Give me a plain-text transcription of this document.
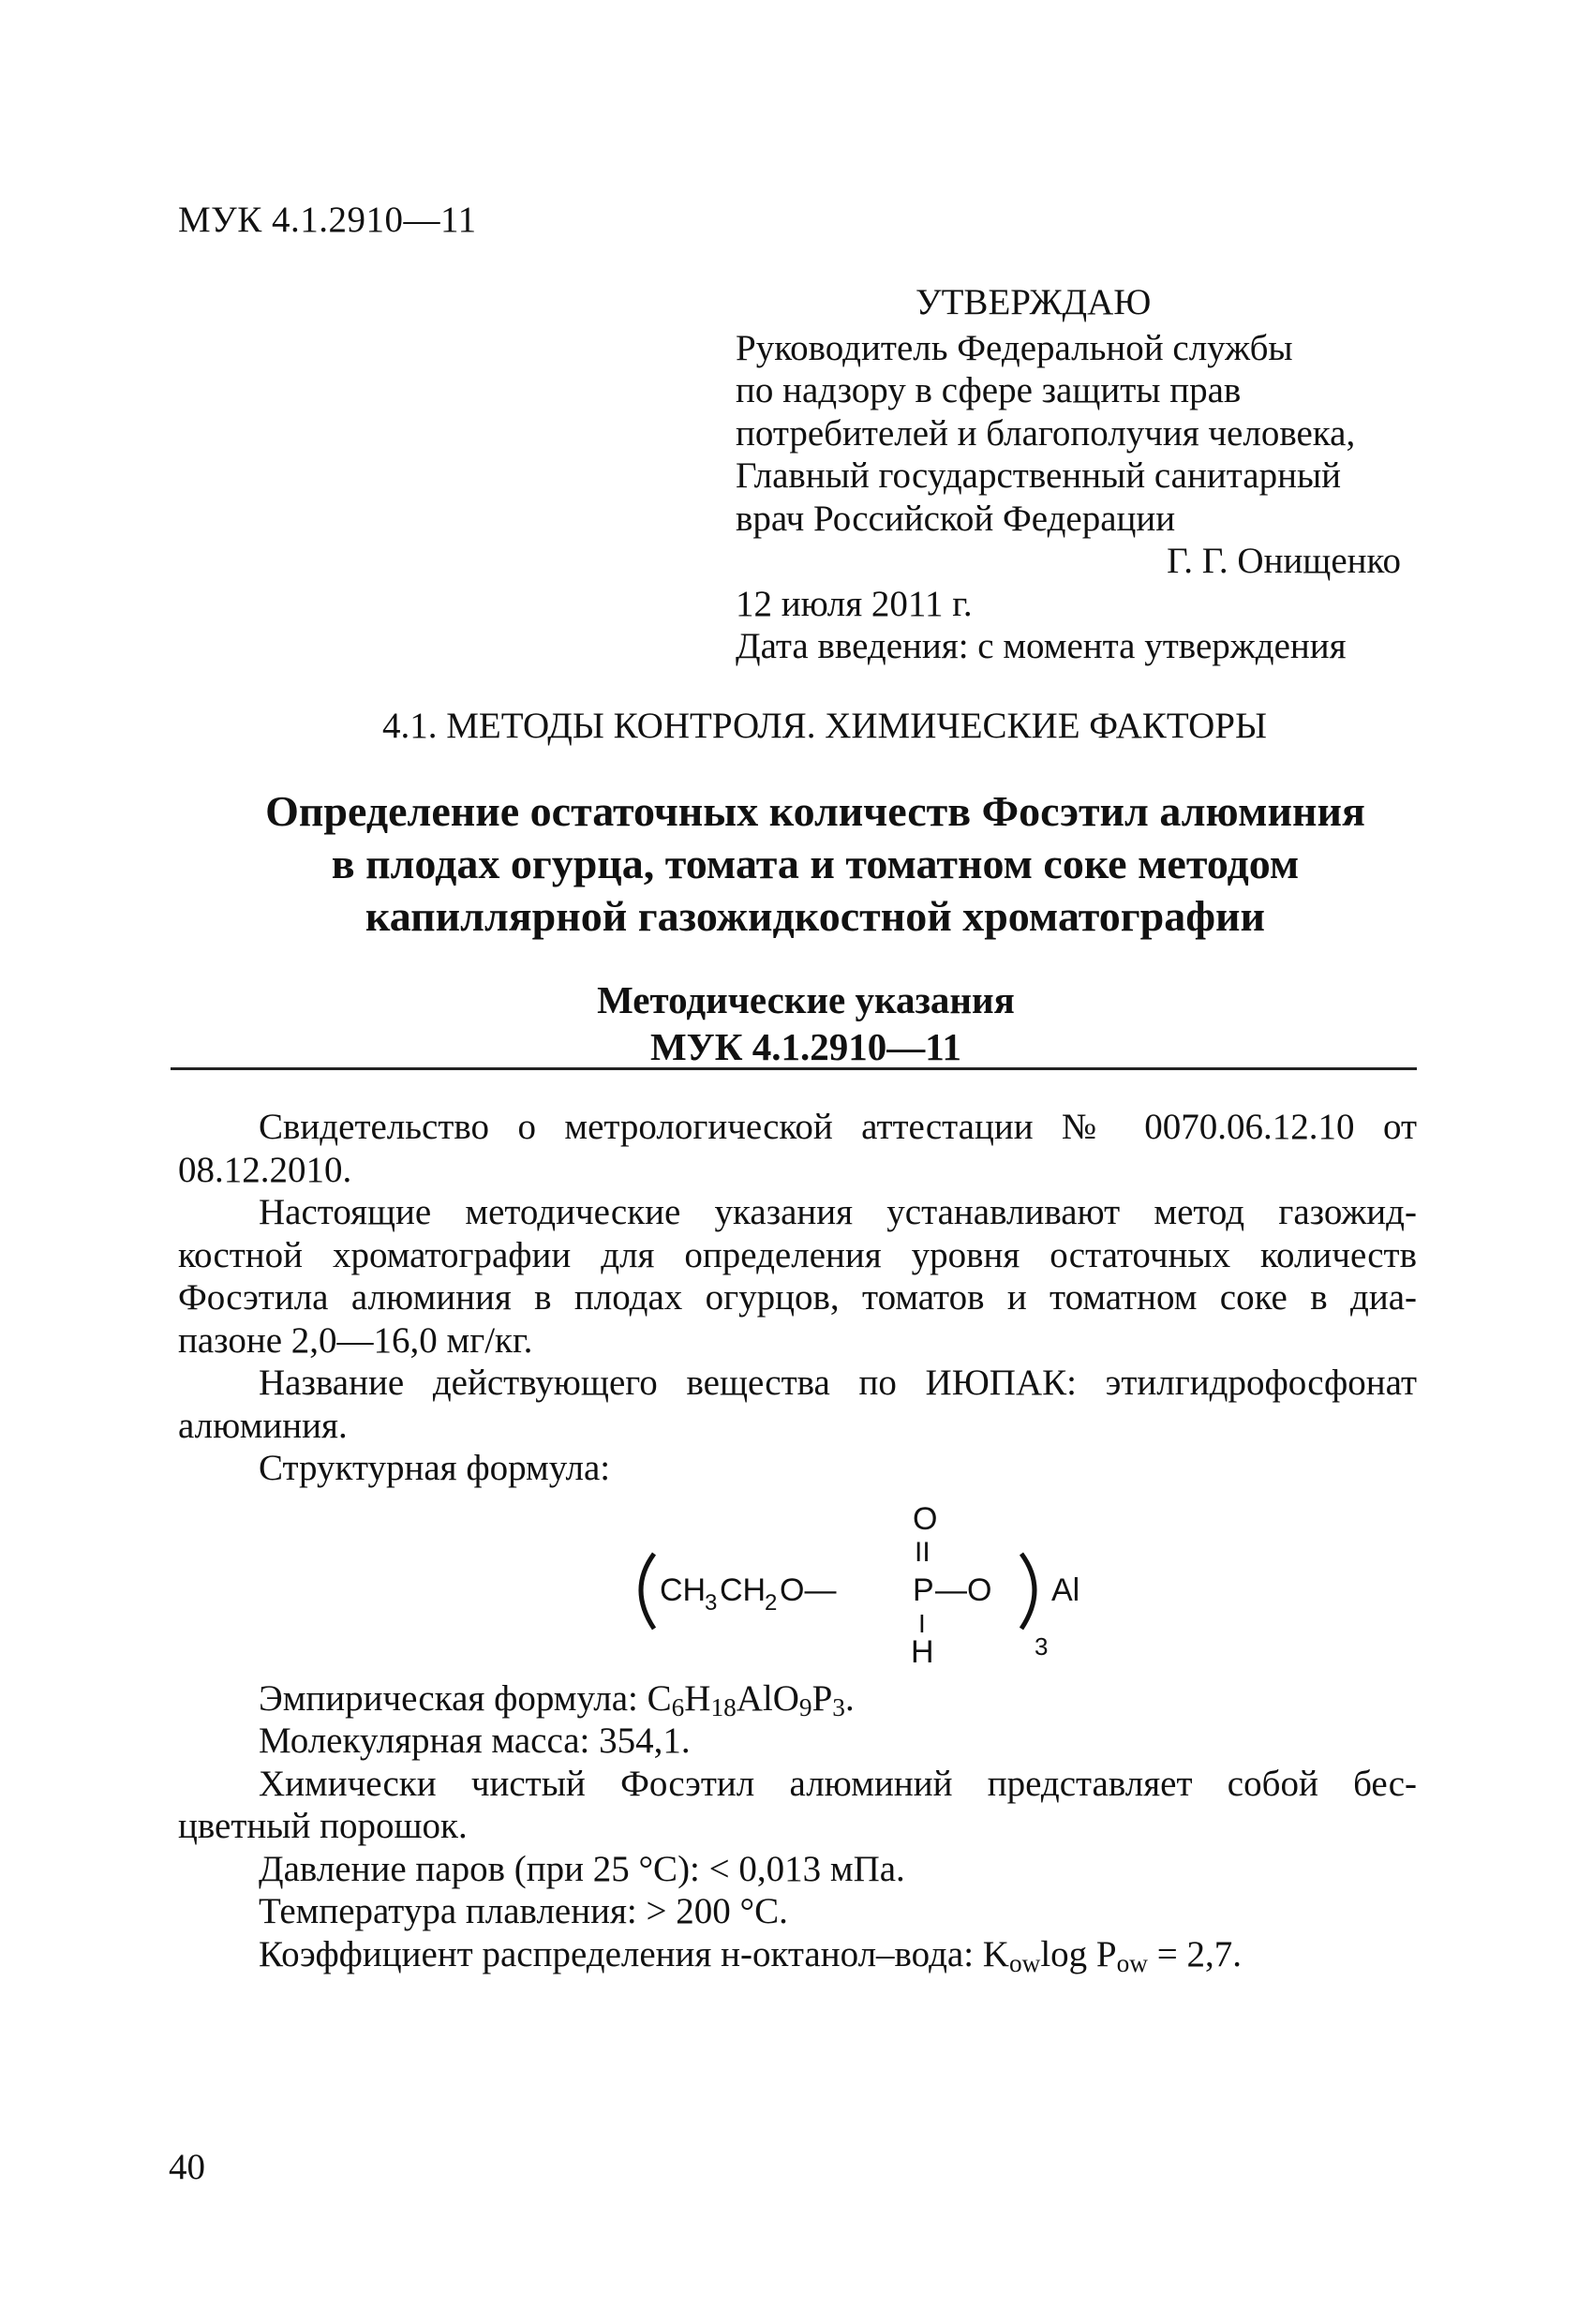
МУК 4.1.2910—11
УТВЕРЖДАЮ
Руководитель Федеральной службы
по надзору в сфере защиты прав
потребителей и благополучия человека,
Главный государственный санитарный
врач Российской Федерации
Г. Г. Онищенко
12 июля 2011 г.
Дата введения: с момента утверждения
4.1. МЕТОДЫ КОНТРОЛЯ. ХИМИЧЕСКИЕ ФАКТОРЫ
Определение остаточных количеств Фосэтил алюминия
в плодах огурца, томата и томатном соке методом
капиллярной газожидкостной хроматографии
Методические указания
МУК 4.1.2910—11
Свидетельство о метрологической аттестации № 0070.06.12.10 от
08.12.2010.
Настоящие методические указания устанавливают метод газожид-
костной хроматографии для определения уровня остаточных количеств
Фосэтила алюминия в плодах огурцов, томатов и томатном соке в диа-
пазоне 2,0—16,0 мг/кг.
Название действующего вещества по ИЮПАК: этилгидрофосфонат
алюминия.
Структурная формула:
O
II
CH
3 CH
2 O— P —O Al
I
H	3
Эмпирическая формула: $C_6H_{18}AlO_9P_3$.
Молекулярная масса: 354,1.
Химически чистый Фосэтил алюминий представляет собой бес-
цветный порошок.
Давление паров (при 25 °C): < 0,013 мПа.
Температура плавления: > 200 °C.
Коэффициент распределения н-октанол–вода: $K_{ow}\log$ $P_{ow} = 2,7$.
40
